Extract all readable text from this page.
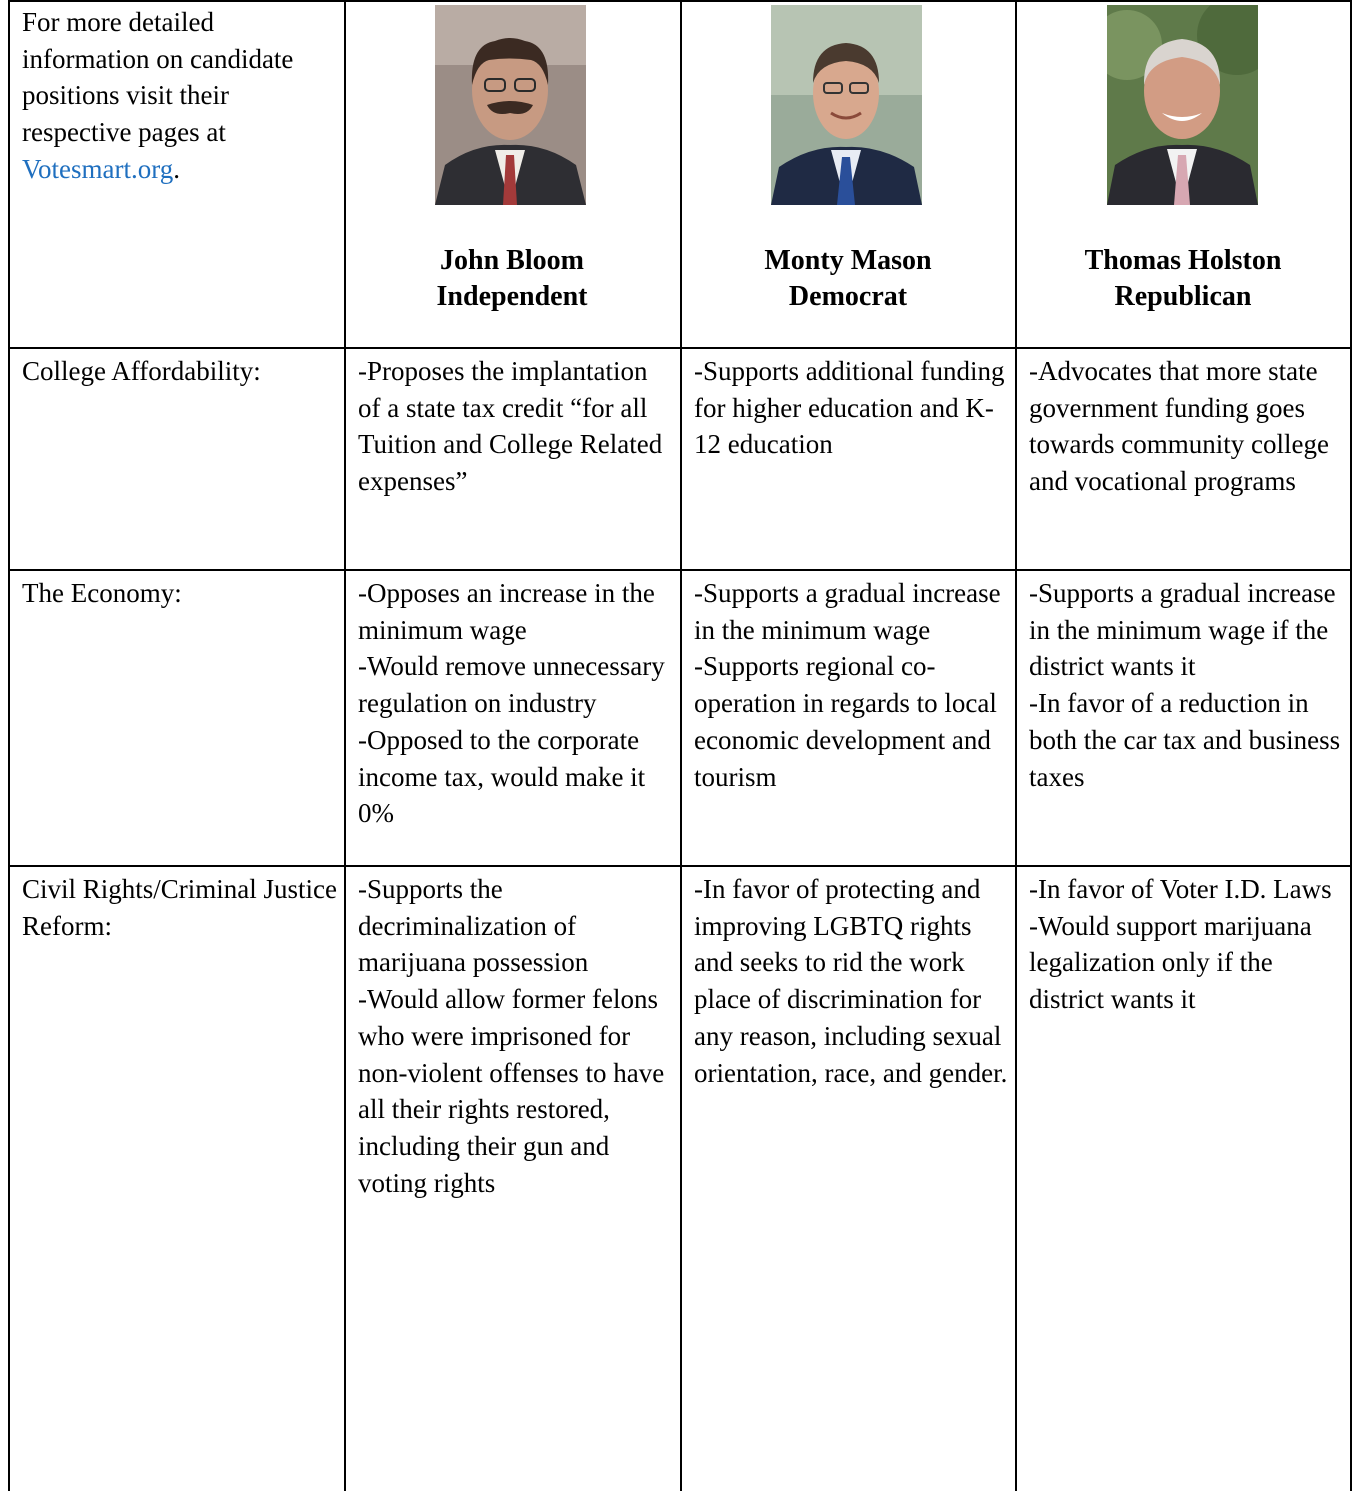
For more detailed information on candidate positions visit their respective pages at Votesmart.org.

John Bloom
Independent
Monty Mason
Democrat
Thomas Holston
Republican

College Affordability:	-Proposes the implantation of a state tax credit “for all Tuition and College Related expenses”

-Supports additional funding for higher education and K-12 education

-Advocates that more state government funding goes towards community college and vocational programs

The Economy:	-Opposes an increase in the minimum wage
-Would remove unnecessary regulation on industry
-Opposed to the corporate income tax, would make it 0%

-Supports a gradual increase in the minimum wage
-Supports regional co-operation in regards to local economic development and tourism

-Supports a gradual increase in the minimum wage if the district wants it
-In favor of a reduction in both the car tax and business taxes

Civil Rights/Criminal Justice Reform:

-Supports the decriminalization of marijuana possession
-Would allow former felons who were imprisoned for non-violent offenses to have all their rights restored, including their gun and voting rights

-In favor of protecting and improving LGBTQ rights and seeks to rid the work place of discrimination for any reason, including sexual orientation, race, and gender.

-In favor of Voter I.D. Laws
-Would support marijuana legalization only if the district wants it
